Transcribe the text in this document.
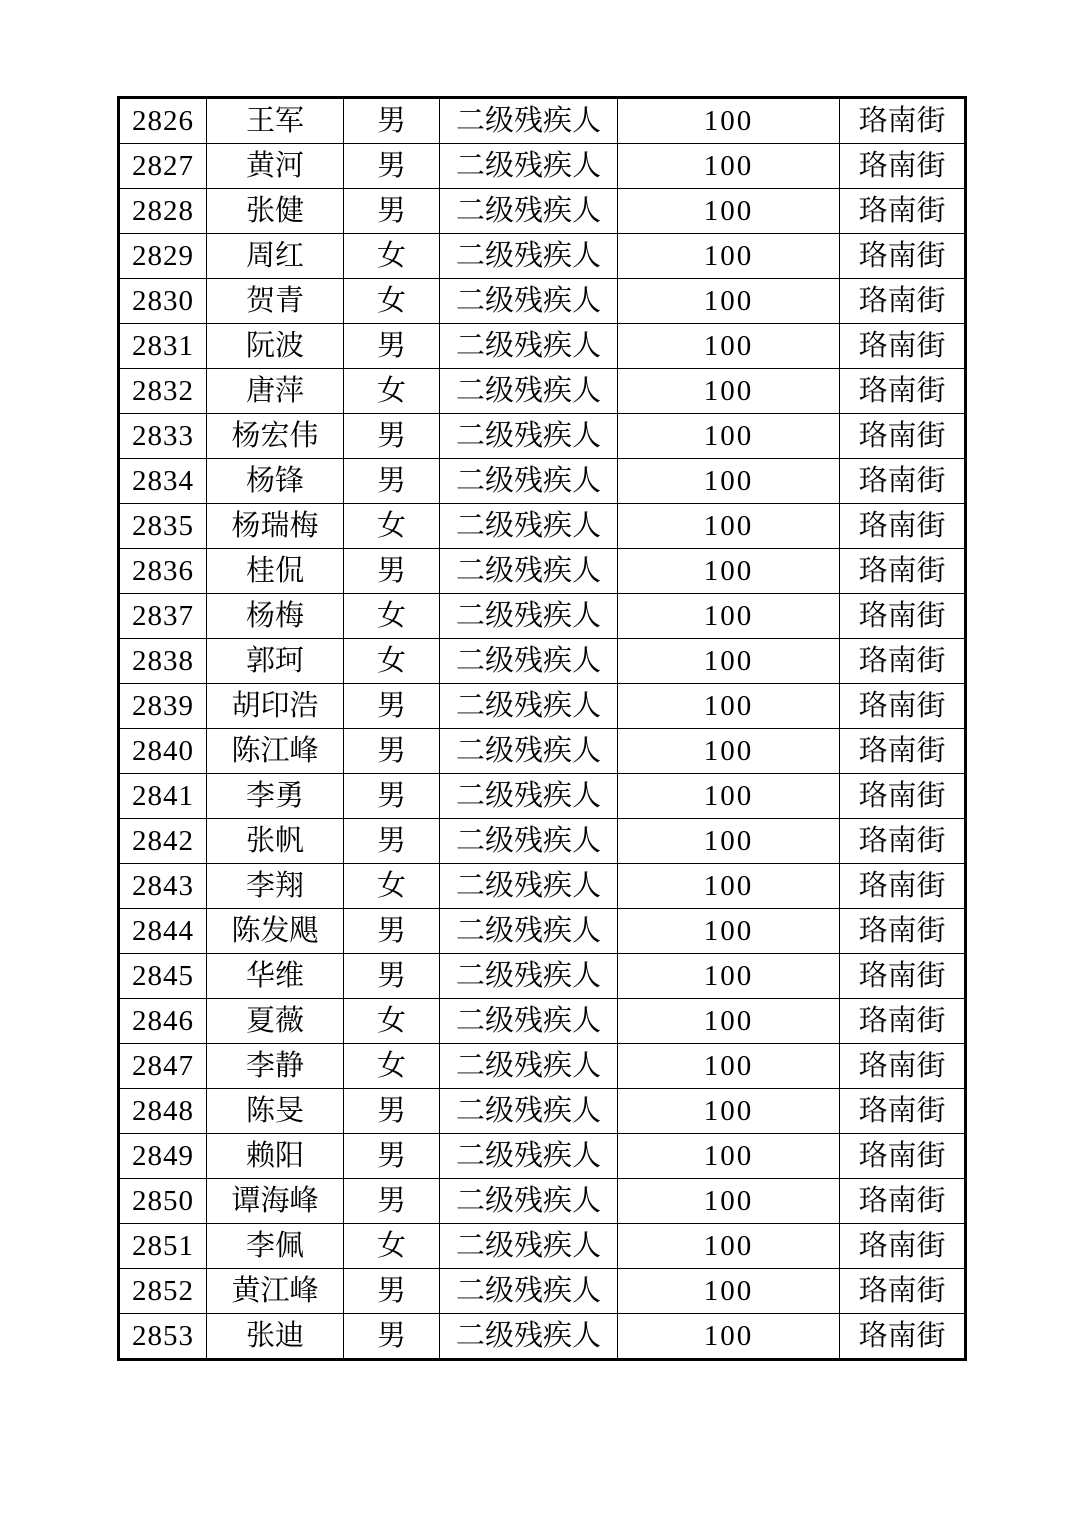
2826	王军	男	二级残疾人	100	珞南街
2827	黄河	男	二级残疾人	100	珞南街
2828	张健	男	二级残疾人	100	珞南街
2829	周红	女	二级残疾人	100	珞南街
2830	贺青	女	二级残疾人	100	珞南街
2831	阮波	男	二级残疾人	100	珞南街
2832	唐萍	女	二级残疾人	100	珞南街
2833	杨宏伟	男	二级残疾人	100	珞南街
2834	杨锋	男	二级残疾人	100	珞南街
2835	杨瑞梅	女	二级残疾人	100	珞南街
2836	桂侃	男	二级残疾人	100	珞南街
2837	杨梅	女	二级残疾人	100	珞南街
2838	郭珂	女	二级残疾人	100	珞南街
2839	胡印浩	男	二级残疾人	100	珞南街
2840	陈江峰	男	二级残疾人	100	珞南街
2841	李勇	男	二级残疾人	100	珞南街
2842	张帆	男	二级残疾人	100	珞南街
2843	李翔	女	二级残疾人	100	珞南街
2844	陈发飓	男	二级残疾人	100	珞南街
2845	华维	男	二级残疾人	100	珞南街
2846	夏薇	女	二级残疾人	100	珞南街
2847	李静	女	二级残疾人	100	珞南街
2848	陈旻	男	二级残疾人	100	珞南街
2849	赖阳	男	二级残疾人	100	珞南街
2850	谭海峰	男	二级残疾人	100	珞南街
2851	李佩	女	二级残疾人	100	珞南街
2852	黄江峰	男	二级残疾人	100	珞南街
2853	张迪	男	二级残疾人	100	珞南街
